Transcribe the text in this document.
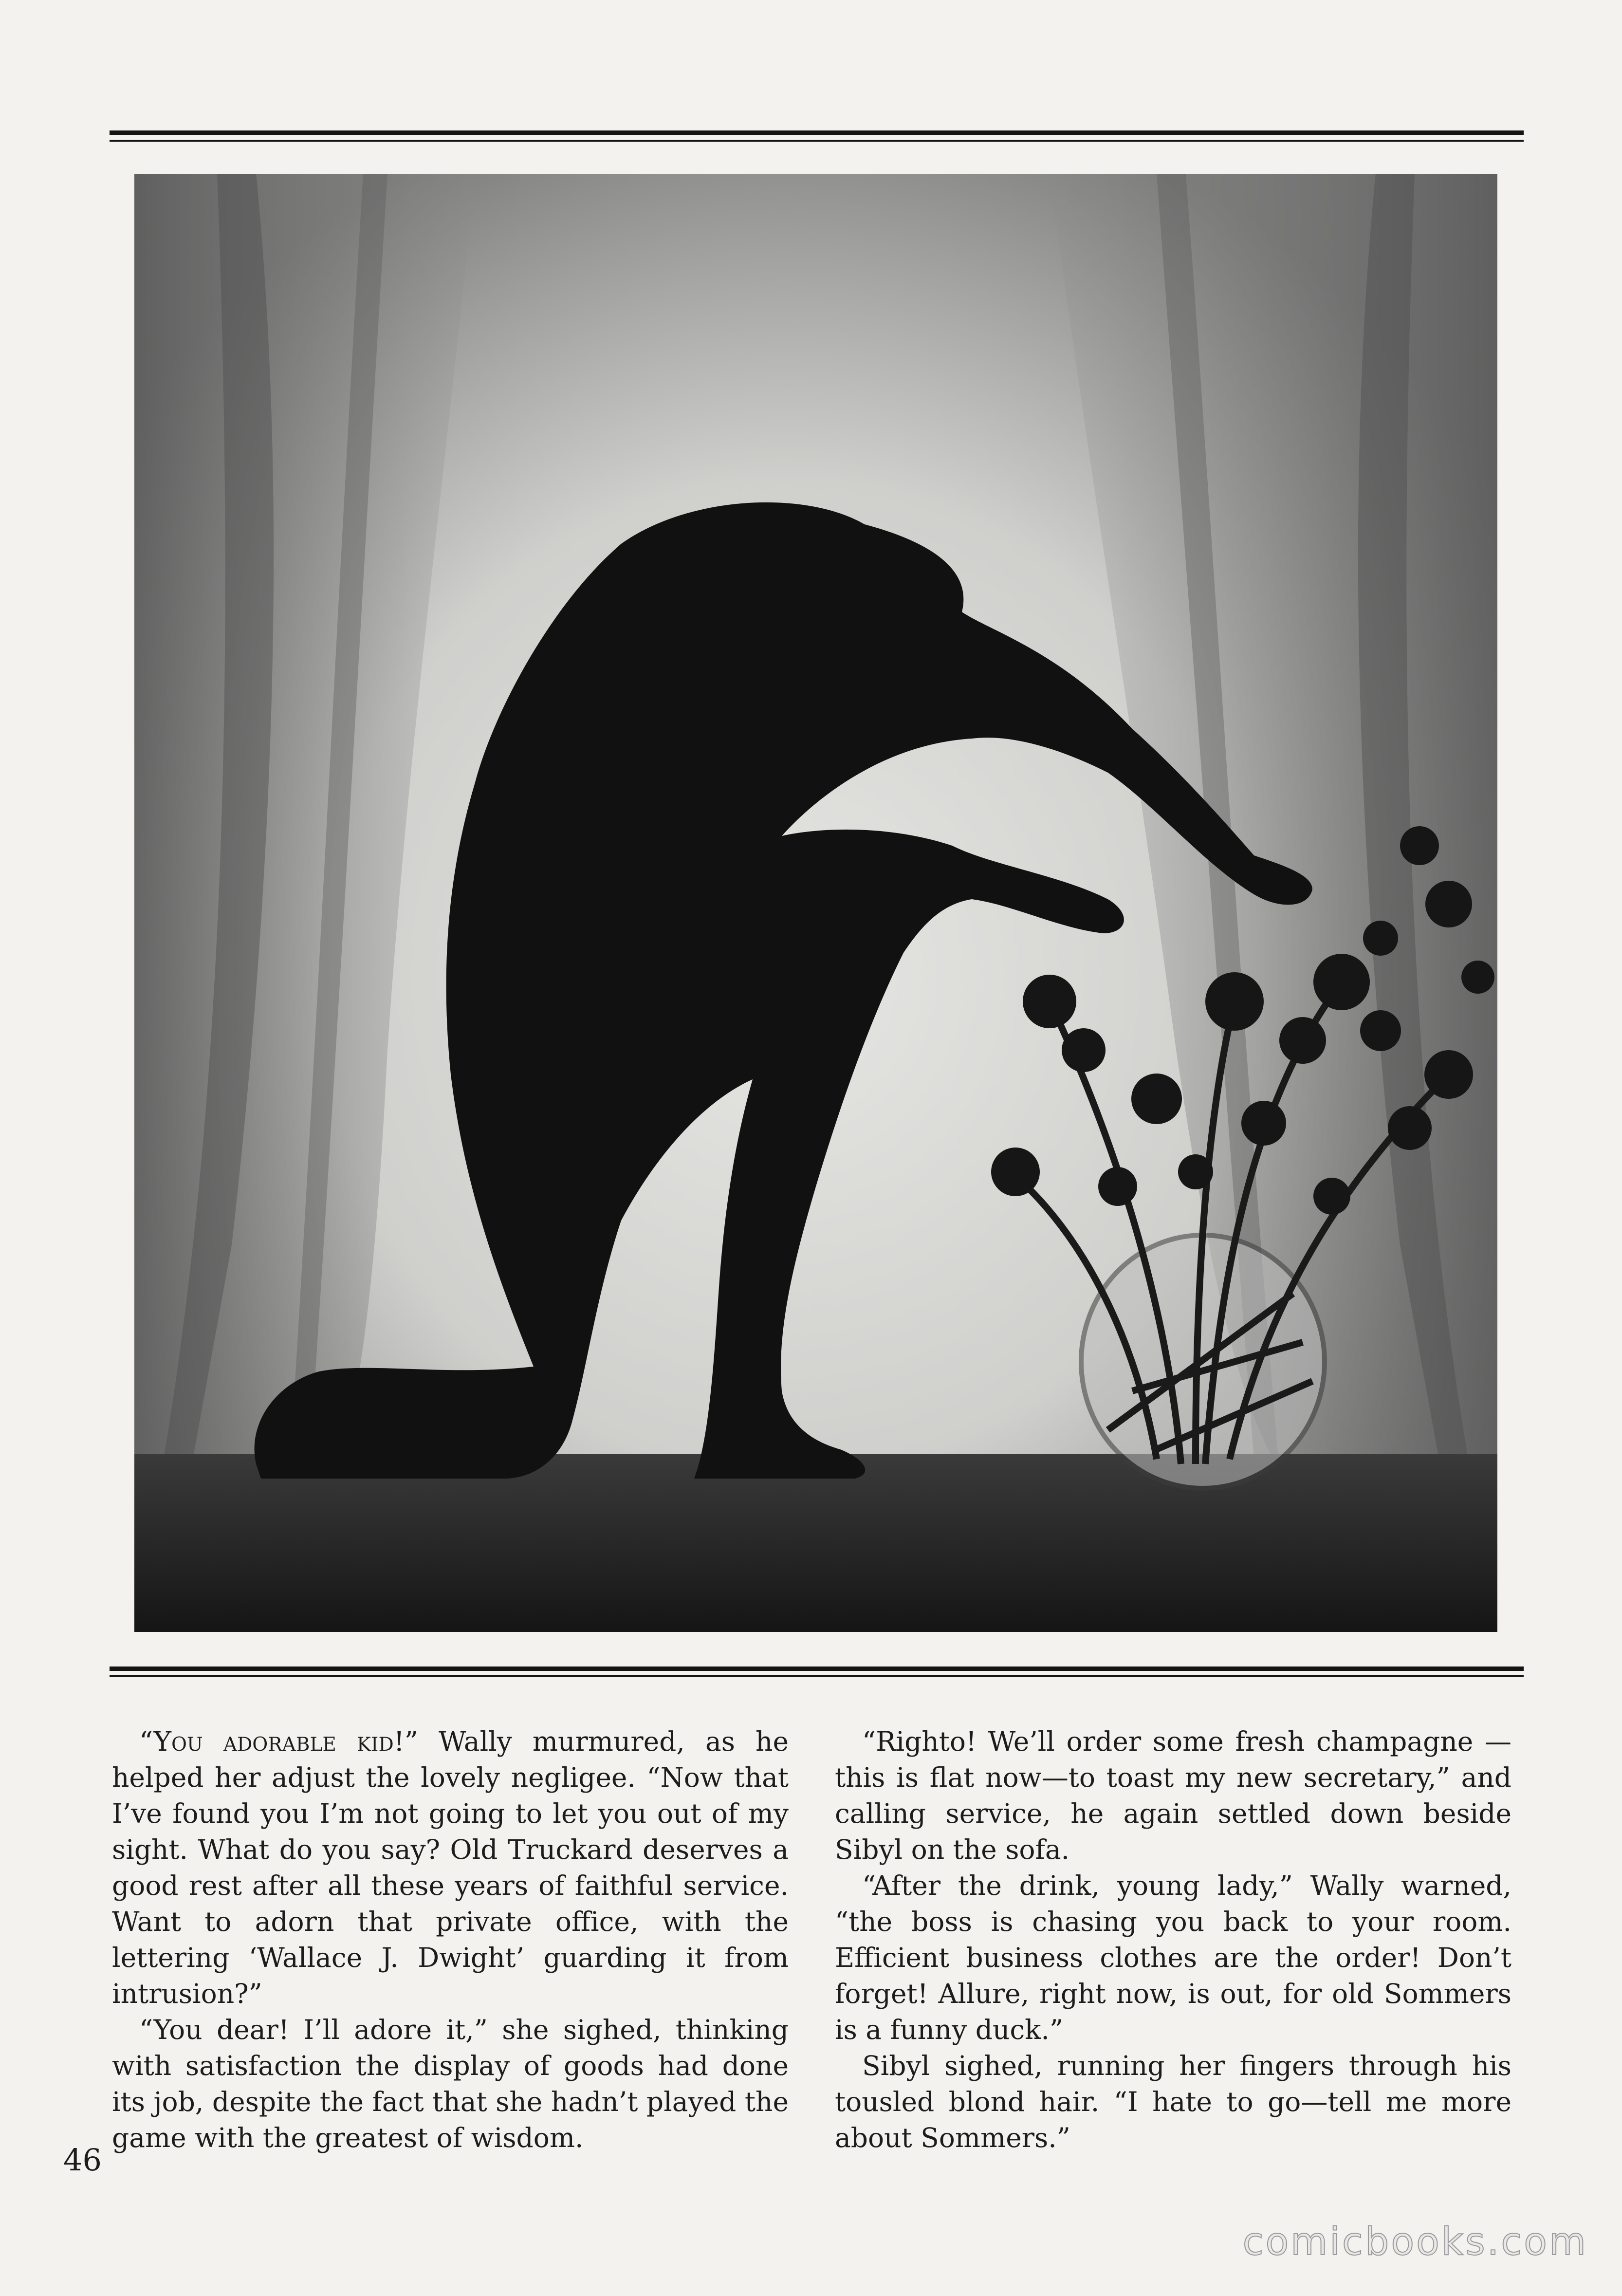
“You adorable kid!” Wally murmured, as he helped her adjust the lovely negligee. “Now that I’ve found you I’m not going to let you out of my sight. What do you say? Old Truckard deserves a good rest after all these years of faithful service. Want to adorn that private office, with the lettering ‘Wallace J. Dwight’ guarding it from intrusion?”

“You dear! I’ll adore it,” she sighed, thinking with satisfaction the display of goods had done its job, despite the fact that she hadn’t played the game with the greatest of wisdom.

“Righto! We’ll order some fresh champagne —this is flat now—to toast my new secretary,” and calling service, he again settled down beside Sibyl on the sofa.

“After the drink, young lady,” Wally warned, “the boss is chasing you back to your room. Efficient business clothes are the order! Don’t forget! Allure, right now, is out, for old Sommers is a funny duck.”

Sibyl sighed, running her fingers through his tousled blond hair. “I hate to go—tell me more about Sommers.”

46
comicbooks.com
